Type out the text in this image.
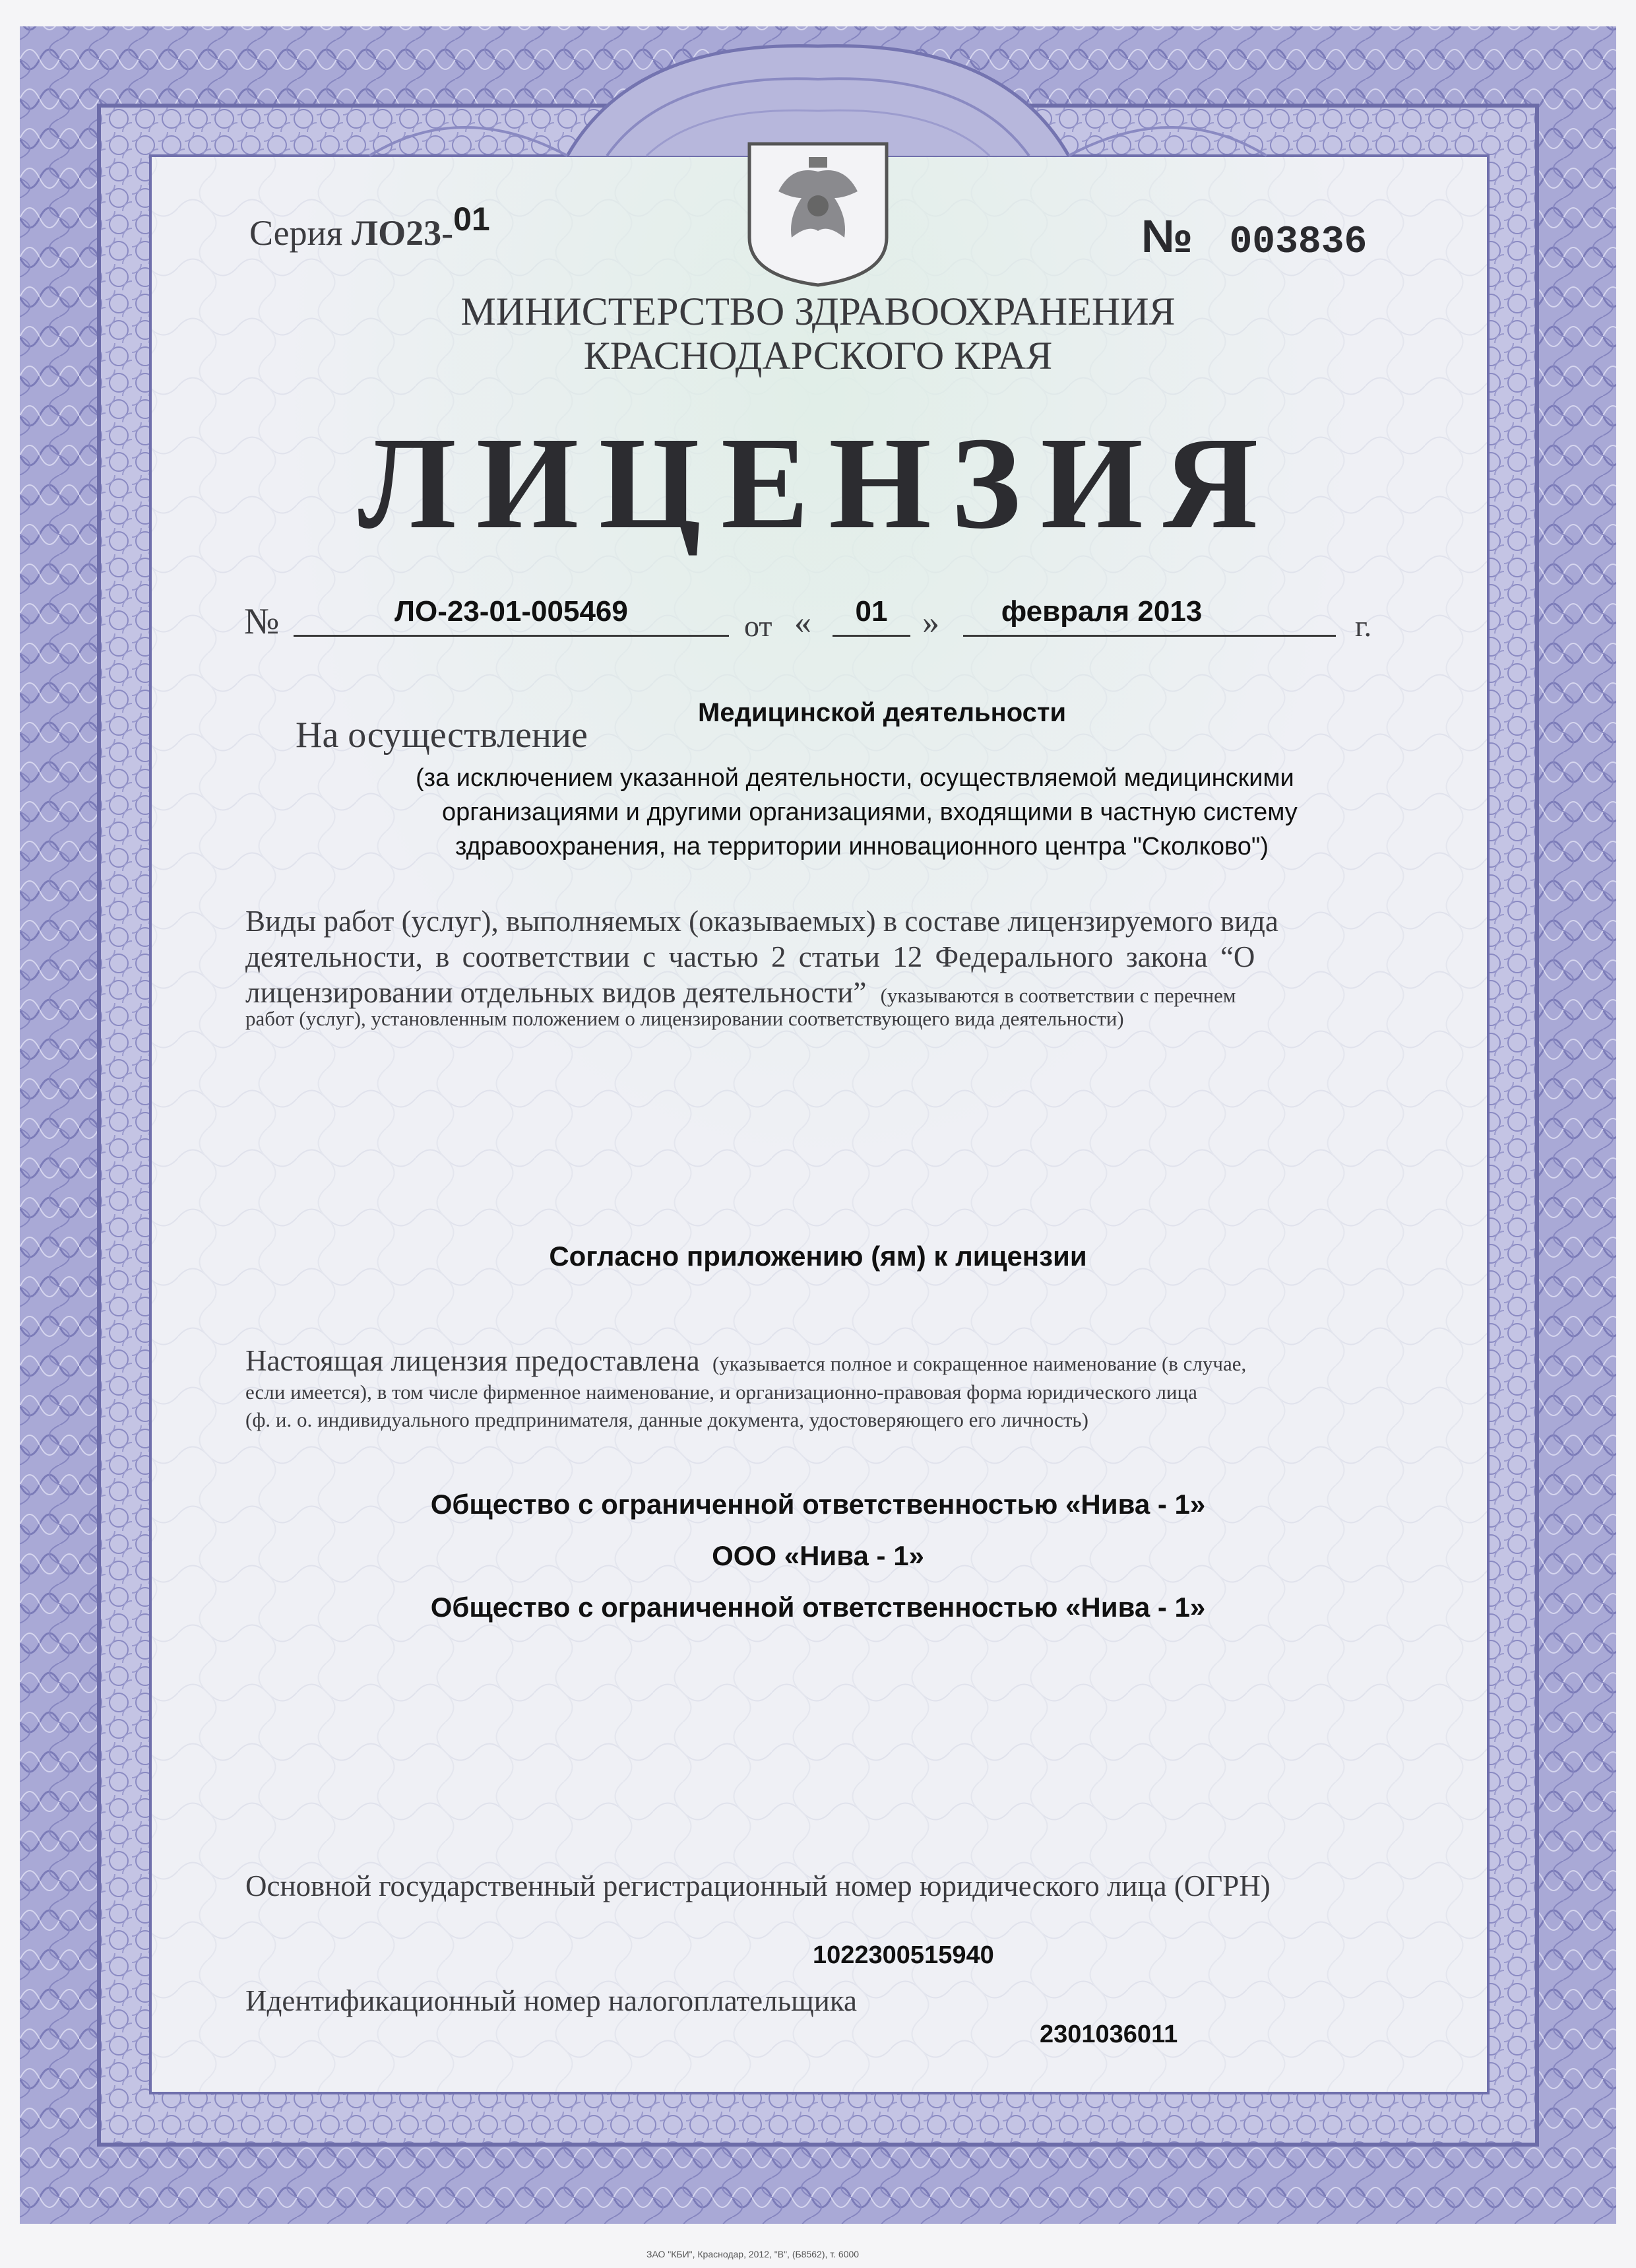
Серия ЛО23-01	№ 003836
МИНИСТЕРСТВО ЗДРАВООХРАНЕНИЯ
КРАСНОДАРСКОГО КРАЯ
ЛИЦЕНЗИЯ
№	ЛО-23-01-005469	от «	01	»	февраля 2013	г.
Медицинской деятельности
На осуществление
(за исключением указанной деятельности, осуществляемой медицинскими
организациями и другими организациями, входящими в частную систему
здравоохранения, на территории инновационного центра "Сколково")
Виды работ (услуг), выполняемых (оказываемых) в составе лицензируемого вида
деятельности, в соответствии с частью 2 статьи 12 Федерального закона “О
лицензировании отдельных видов деятельности” (указываются в соответствии с перечнем
работ (услуг), установленным положением о лицензировании соответствующего вида деятельности)
Согласно приложению (ям) к лицензии
Настоящая лицензия предоставлена (указывается полное и сокращенное наименование (в случае,
если имеется), в том числе фирменное наименование, и организационно-правовая форма юридического лица
(ф. и. о. индивидуального предпринимателя, данные документа, удостоверяющего его личность)
Общество с ограниченной ответственностью «Нива - 1»
ООО «Нива - 1»
Общество с ограниченной ответственностью «Нива - 1»
Основной государственный регистрационный номер юридического лица (ОГРН)
1022300515940
Идентификационный номер налогоплательщика
2301036011
ЗАО "КБИ", Краснодар, 2012, "В", (Б8562), т. 6000
